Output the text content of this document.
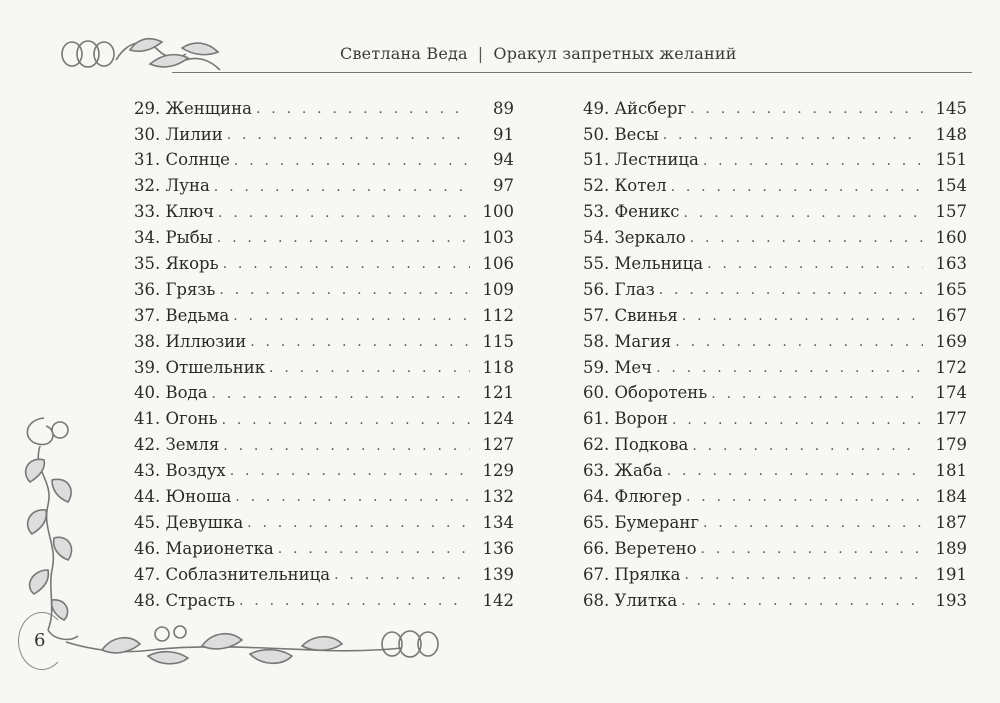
Светлана Веда | Оракул запретных желаний
6
29. Женщина . . .	89
30. Лилии . . .	91
31. Солнце . . .	94
32. Луна . . .	97
33. Ключ . . .	100
34. Рыбы . . .	103
35. Якорь . . .	106
36. Грязь . . .	109
37. Ведьма . . .	112
38. Иллюзии . . .	115
39. Отшельник . . .	118
40. Вода . . .	121
41. Огонь . . .	124
42. Земля . . .	127
43. Воздух . . .	129
44. Юноша . . .	132
45. Девушка . . .	134
46. Марионетка . . .	136
47. Соблазнительница . . .	139
48. Страсть . . .	142
49. Айсберг . . .	145
50. Весы . . .	148
51. Лестница . . .	151
52. Котел . . .	154
53. Феникс . . .	157
54. Зеркало . . .	160
55. Мельница . . .	163
56. Глаз . . .	165
57. Свинья . . .	167
58. Магия . . .	169
59. Меч . . .	172
60. Оборотень . . .	174
61. Ворон . . .	177
62. Подкова . . .	179
63. Жаба . . .	181
64. Флюгер . . .	184
65. Бумеранг . . .	187
66. Веретено . . .	189
67. Прялка . . .	191
68. Улитка . . .	193
